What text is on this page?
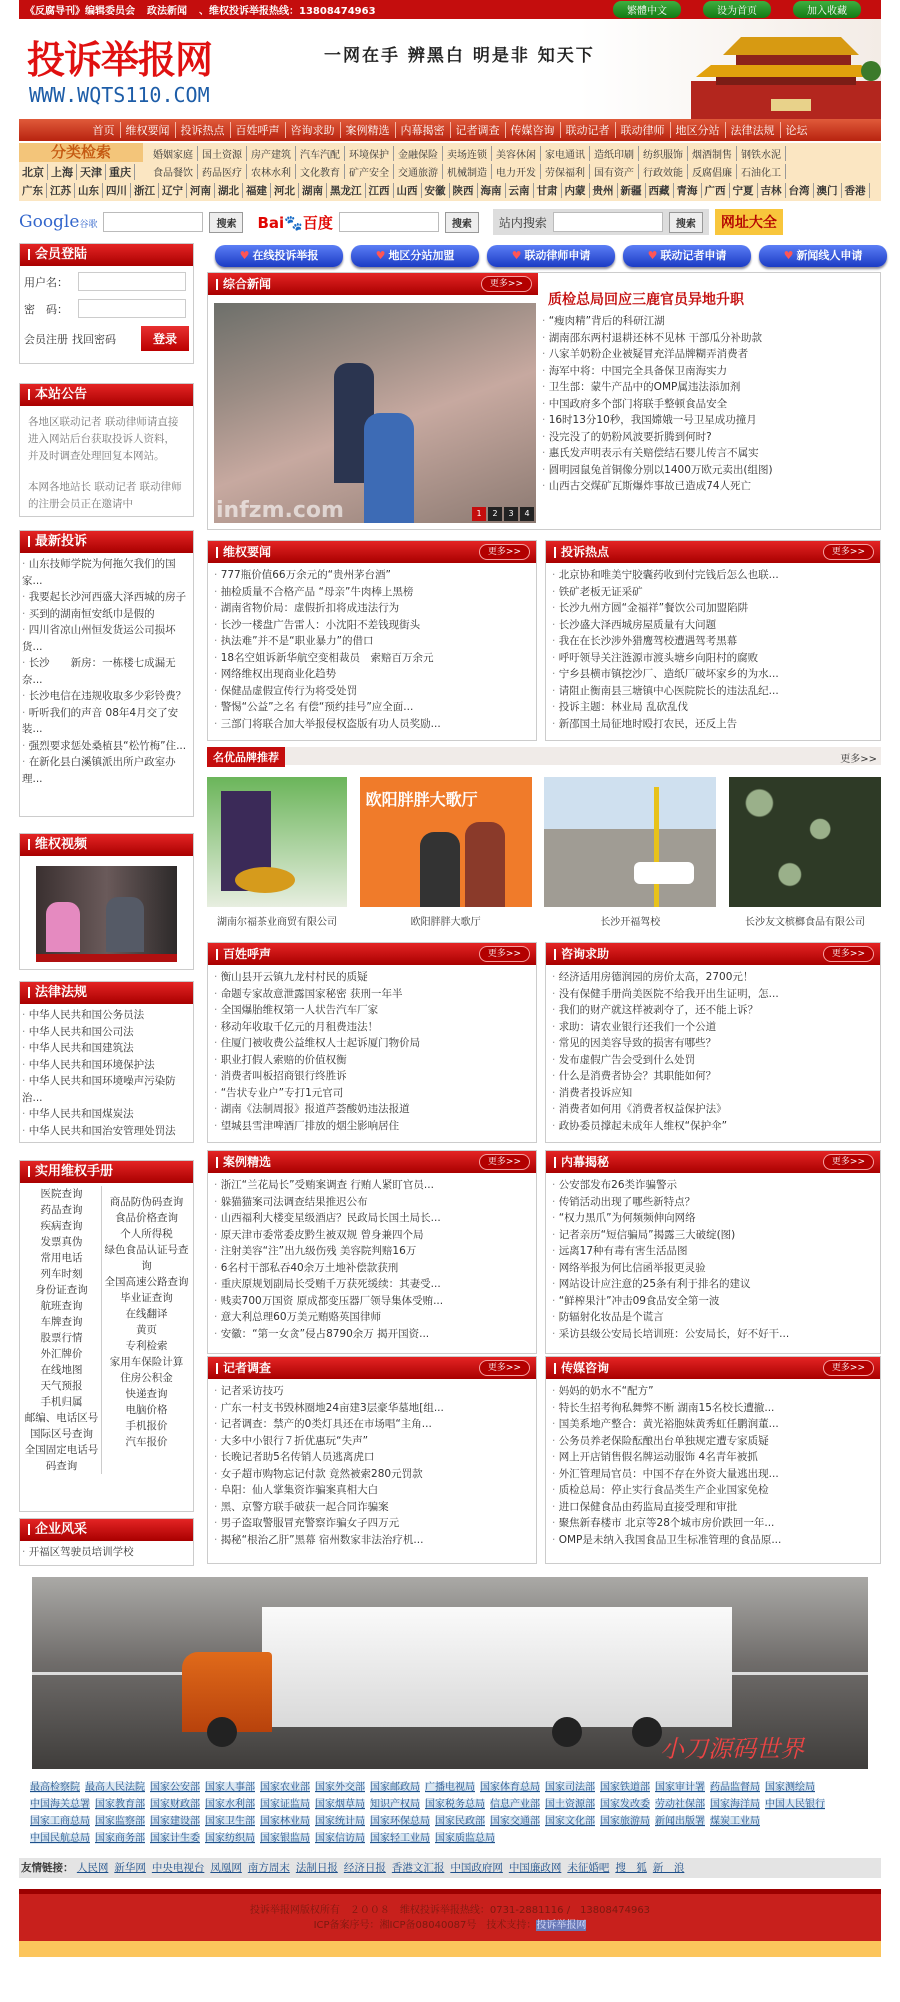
《反腐导刊》编辑委员会 政法新闻 、维权投诉举报热线：13808474963	繁體中文	设为首页	加入收藏
投诉举报网
WWW.WQTS110.COM
一网在手 辨黑白 明是非 知天下
首页	维权要闻	投诉热点	百姓呼声	咨询求助	案例精选	内幕揭密	记者调查	传媒咨询	联动记者	联动律师	地区分站	法律法规	论坛
分类检索
北京 上海 天津 重庆
婚姻家庭 国土资源 房产建筑 汽车汽配 环境保护 金融保险 卖场连锁 美容休闲 家电通讯 造纸印刷 纺织服饰 烟酒制售 钢铁水泥
食品餐饮 药品医疗 农林水利 文化教育 矿产安全 交通旅游 机械制造 电力开发 劳保福利 国有资产 行政效能 反腐倡廉 石油化工
广东 江苏 山东 四川 浙江 辽宁 河南 湖北 福建 河北 湖南 黑龙江 江西 山西 安徽 陕西 海南 云南 甘肃 内蒙 贵州 新疆 西藏 青海 广西 宁夏 吉林 台湾 澳门 香港
Google谷歌	搜索	Bai🐾百度	搜索	站内搜索	搜索	网址大全
会员登陆
用户名：
密　码：
会员注册 找回密码	登录
本站公告

各地区联动记者 联动律师请直接进入网站后台获取投诉人资料，并及时调查处理回复本网站。

本网各地站长 联动记者 联动律师的注册会员正在邀请中

最新投诉
· 山东技师学院为何拖欠我们的国家...
· 我要起长沙河西盛大泽西城的房子
· 买到的湖南恒安纸巾是假的
· 四川省凉山州恒发货运公司损坏货...
· 长沙　　新房：一栋楼七成漏无奈...
· 长沙电信在违规收取多少彩铃费？
· 听听我们的声音 08年4月交了安装...
· 强烈要求惩处桑植县“松竹梅”住...
· 在新化县白溪镇派出所户政室办理...
维权视频
法律法规
· 中华人民共和国公务员法
· 中华人民共和国公司法
· 中华人民共和国建筑法
· 中华人民共和国环境保护法
· 中华人民共和国环境噪声污染防治...
· 中华人民共和国煤炭法
· 中华人民共和国治安管理处罚法
实用维权手册
医院查询
药品查询
疾病查询
发票真伪
常用电话
列车时刻
身份证查询
航班查询
车牌查询
股票行情
外汇牌价
在线地图
天气预报
手机归属
邮编、电话区号
国际区号查询
全国固定电话号码查询
商品防伪码查询
食品价格查询
个人所得税
绿色食品认证号查询
全国高速公路查询
毕业证查询
在线翻译
黄页
专利检索
家用车保险计算
住房公积金
快递查询
电脑价格
手机报价
汽车报价
企业风采
· 开福区驾驶员培训学校
综合新闻	更多>>
infzm.com	1	2	3	4
质检总局回应三鹿官员异地升职
· “瘦肉精”背后的科研江湖
· 湖南邵东两村退耕还林不见林 干部瓜分补助款
· 八家羊奶粉企业被疑冒充洋品牌糊弄消费者
· 海军中将：中国完全具备保卫南海实力
· 卫生部：蒙牛产品中的OMP属违法添加剂
· 中国政府多个部门将联手整顿食品安全
· 16时13分10秒，我国嫦娥一号卫星成功撞月
· 没完没了的奶粉风波要折腾到何时?
· 惠氏发声明表示有关赔偿结石婴儿传言不属实
· 圆明园鼠兔首铜像分别以1400万欧元卖出(组图)
· 山西古交煤矿瓦斯爆炸事故已造成74人死亡
名优品牌推荐	更多>>
湖南尔福茶业商贸有限公司
欧阳胖胖大歌厅
欧阳胖胖大歌厅	长沙开福驾校	长沙友文槟榔食品有限公司
小刀源码世界
最高检察院 最高人民法院 国家公安部 国家人事部 国家农业部 国家外交部 国家邮政局 广播电视局 国家体育总局 国家司法部 国家铁道部 国家审计署 药品监督局 国家测绘局
中国海关总署 国家教育部 国家财政部 国家水利部 国家证监局 国家烟草局 知识产权局 国家税务总局 信息产业部 国土资源部 国家发改委 劳动社保部 国家海洋局 中国人民银行
国家工商总局 国家监察部 国家建设部 国家卫生部 国家林业局 国家统计局 国家环保总局 国家民政部 国家交通部 国家文化部 国家旅游局 新闻出版署 煤炭工业局
中国民航总局 国家商务部 国家计生委 国家纺织局 国家银监局 国家信访局 国家轻工业局 国家质监总局
友情链接： 人民网 新华网 中央电视台 凤凰网 南方周末 法制日报 经济日报 香港文汇报 中国政府网 中国廉政网 未征婚吧 搜　狐 新　浪
投诉举报网版权所有　２００８　维权投诉举报热线：0731-2881116 /　13808474963
ICP备案序号：湘ICP备08040087号　技术支持：投诉举报网
♥ 在线投诉举报	♥ 地区分站加盟	♥ 联动律师申请	♥ 联动记者申请	♥ 新闻线人申请
维权要闻	更多>>
· 777瓶价值66万余元的“贵州茅台酒”
· 抽检质量不合格产品 “母亲”牛肉棒上黑榜
· 湖南省物价局：虚假折扣将成违法行为
· 长沙一楼盘广告雷人：小沈阳不差钱现街头
· 执法难”并不是“职业暴力”的借口
· 18名空姐诉新华航空变相裁员　索赔百万余元
· 网络维权出现商业化趋势
· 保健品虚假宣传行为将受处罚
· 警惕“公益”之名 有偿“预约挂号”应全面...
· 三部门将联合加大举报侵权盗版有功人员奖励...
投诉热点	更多>>
· 北京协和唯美宁胶囊药收到付完钱后怎么也联...
· 铁矿老板无证采矿
· 长沙九州方圆“金福祥”餐饮公司加盟陷阱
· 长沙盛大泽西城房屋质量有大问题
· 我在在长沙涉外猎鹰驾校遭遇驾考黑幕
· 呼吁领导关注涟源市渡头塘乡向阳村的腐败
· 宁乡县横市镇挖沙厂、造纸厂破坏家乡的为水...
· 请阻止衡南县三塘镇中心医院院长的违法乱纪...
· 投诉主题：林业局 乱砍乱伐
· 新邵国土局征地时殴打农民，还反上告
百姓呼声	更多>>
· 衡山县开云镇九龙村村民的质疑
· 命题专家故意泄露国家秘密 获刑一年半
· 全国爆胎维权第一人状告汽车厂家
· 移动年收取千亿元的月租费违法！
· 住厦门被收费公益维权人士起诉厦门物价局
· 职业打假人索赔的价值权衡
· 消费者叫板招商银行终胜诉
· “告状专业户”专打1元官司
· 湖南《法制周报》报道芦荟酸奶违法报道
· 望城县雪津啤酒厂排放的烟尘影响居住
咨询求助	更多>>
· 经济适用房德润园的房价太高，2700元！
· 没有保健手册尚美医院不给我开出生证明，怎...
· 我们的财产就这样被剥夺了，还不能上诉？
· 求助：请农业银行还我们一个公道
· 常见的因美容导致的损害有哪些？
· 发布虚假广告会受到什么处罚
· 什么是消费者协会？其职能如何？
· 消费者投诉应知
· 消费者如何用《消费者权益保护法》
· 政协委员撑起未成年人维权“保护伞”
案例精选	更多>>
· 浙江“兰花局长”受贿案调查 行贿人紧盯官员...
· 躲猫猫案司法调查结果推迟公布
· 山西福利大楼变星级酒店？民政局长国土局长...
· 原天津市委常委皮黔生被双规 曾身兼四个局
· 注射美容“注”出九级伤残 美容院判赔16万
· 6名村干部私吞40余万土地补偿款获刑
· 重庆原规划副局长受贿千万获死缓续：其妻受...
· 贱卖700万国资 原成都变压器厂领导集体受贿...
· 意大利总理60万美元贿赂英国律师
· 安徽：“第一女贪”侵占8790余万 揭开国资...
内幕揭秘	更多>>
· 公安部发布26类诈骗警示
· 传销活动出现了哪些新特点？
· “权力黑爪”为何频频伸向网络
· 记者亲历“短信骗局”揭露三大破绽(图)
· 远离17种有毒有害生活品图
· 网络举报为何比信函举报更灵验
· 网站设计应注意的25条有利于排名的建议
· “鲜榨果汁”冲击09食品安全第一波
· 防辐射化妆品是个谎言
· 采访县级公安局长培训班：公安局长，好不好干...
记者调查	更多>>
· 记者采访技巧
· 广东一村支书毁林圈地24亩建3层豪华墓地[组...
· 记者调查：禁产的0类灯具还在市场唱“主角...
· 大多中小银行７折优惠玩“失声”
· 长晚记者助5名传销人员逃离虎口
· 女子超市购物忘记付款 竟然被索280元罚款
· 阜阳：仙人掌集资诈骗案真相大白
· 黑、京警方联手破获一起合同诈骗案
· 男子盗取警服冒充警察诈骗女子四万元
· 揭秘“根治乙肝”黑幕 宿州数家非法治疗机...
传媒咨询	更多>>
· 妈妈的奶水不“配方”
· 特长生招考徇私舞弊不断 湖南15名校长遭撤...
· 国美系地产整合：黄光裕胞妹黄秀虹任鹏润董...
· 公务员养老保险酝酿出台单独规定遭专家质疑
· 网上开店销售假名牌运动服饰 4名青年被抓
· 外汇管理局官员：中国不存在外资大量逃出现...
· 质检总局：停止实行食品类生产企业国家免检
· 进口保健食品由药监局直接受理和审批
· 聚焦新春楼市 北京等28个城市房价跌回一年...
· OMP是未纳入我国食品卫生标准管理的食品原...
